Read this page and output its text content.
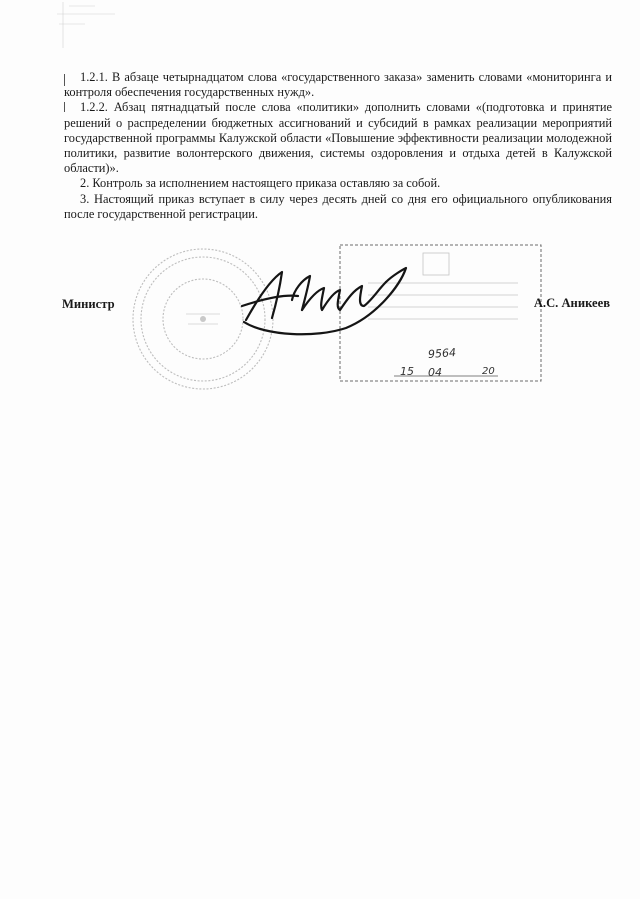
1.2.1. В абзаце четырнадцатом слова «государственного заказа» заменить словами «мониторинга и контроля обеспечения государственных нужд».

1.2.2. Абзац пятнадцатый после слова «политики» дополнить словами «(подготовка и принятие решений о распределении бюджетных ассигнований и субсидий в рамках реализации мероприятий государственной программы Калужской области «Повышение эффективности реализации молодежной политики, развитие волонтерского движения, системы оздоровления и отдыха детей в Калужской области)».

2. Контроль за исполнением настоящего приказа оставляю за собой.

3. Настоящий приказ вступает в силу через десять дней со дня его официального опубликования после государственной регистрации.

Министр	А.С. Аникеев
9564
15 04	20
